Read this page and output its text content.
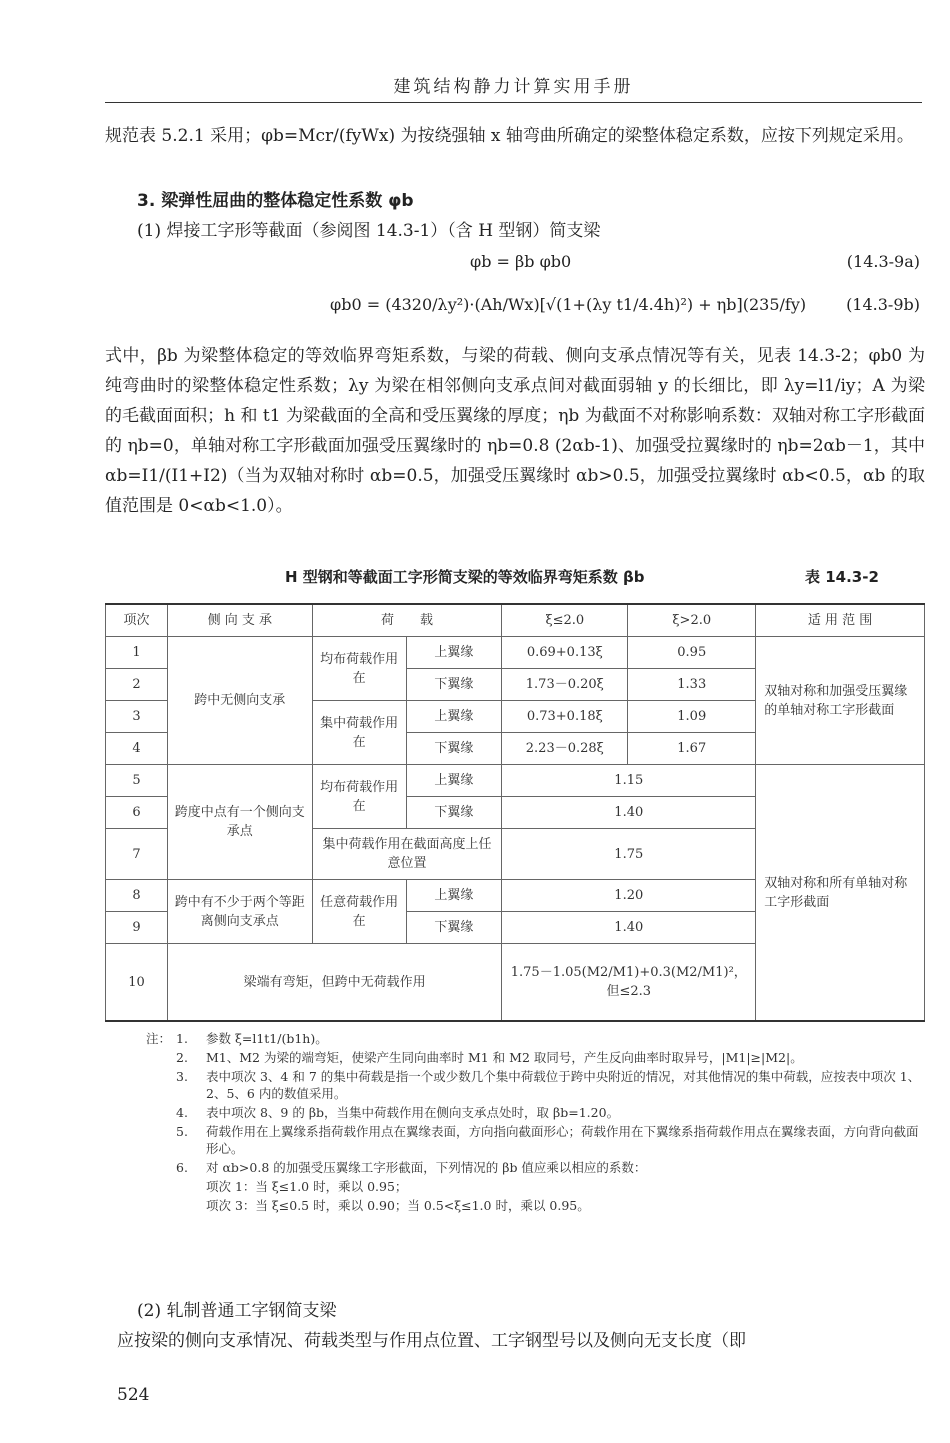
建筑结构静力计算实用手册
规范表 5.2.1 采用；φb=Mcr/(fyWx) 为按绕强轴 x 轴弯曲所确定的梁整体稳定系数，应按下列规定采用。
3. 梁弹性屈曲的整体稳定性系数 φb
(1) 焊接工字形等截面（参阅图 14.3-1）（含 H 型钢）简支梁
φb = βb φb0	(14.3-9a)
φb0 = (4320/λy²)·(Ah/Wx)[√(1+(λy t1/4.4h)²) + ηb](235/fy) (14.3-9b)
式中，βb 为梁整体稳定的等效临界弯矩系数，与梁的荷载、侧向支承点情况等有关，见表 14.3-2；φb0 为纯弯曲时的梁整体稳定性系数；λy 为梁在相邻侧向支承点间对截面弱轴 y 的长细比，即 λy=l1/iy；A 为梁的毛截面面积；h 和 t1 为梁截面的全高和受压翼缘的厚度；ηb 为截面不对称影响系数：双轴对称工字形截面的 ηb=0，单轴对称工字形截面加强受压翼缘时的 ηb=0.8 (2αb-1)、加强受拉翼缘时的 ηb=2αb－1，其中 αb=I1/(I1+I2)（当为双轴对称时 αb=0.5，加强受压翼缘时 αb>0.5，加强受拉翼缘时 αb<0.5，αb 的取值范围是 0<αb<1.0）。
H 型钢和等截面工字形简支梁的等效临界弯矩系数 βb	表 14.3-2
项次	侧 向 支 承	荷　　载		ξ≤2.0	ξ>2.0	适 用 范 围
1	跨中无侧向支承	均布荷载作用在	上翼缘	0.69+0.13ξ	0.95	双轴对称和加强受压翼缘的单轴对称工字形截面
2			下翼缘	1.73－0.20ξ	1.33	
3		集中荷载作用在	上翼缘	0.73+0.18ξ	1.09	
4			下翼缘	2.23－0.28ξ	1.67	
5	跨度中点有一个侧向支承点	均布荷载作用在	上翼缘	1.15		双轴对称和所有单轴对称工字形截面
6			下翼缘	1.40		
7		集中荷载作用在截面高度上任意位置		1.75		
8	跨中有不少于两个等距离侧向支承点	任意荷载作用在	上翼缘	1.20		
9			下翼缘	1.40		
10	梁端有弯矩，但跨中无荷载作用			1.75－1.05(M2/M1)+0.3(M2/M1)²，但≤2.3		
注： 1. 参数 ξ=l1t1/(b1h)。
2. M1、M2 为梁的端弯矩，使梁产生同向曲率时 M1 和 M2 取同号，产生反向曲率时取异号，|M1|≥|M2|。
3. 表中项次 3、4 和 7 的集中荷载是指一个或少数几个集中荷载位于跨中央附近的情况，对其他情况的集中荷载，应按表中项次 1、2、5、6 内的数值采用。
4. 表中项次 8、9 的 βb，当集中荷载作用在侧向支承点处时，取 βb=1.20。
5. 荷载作用在上翼缘系指荷载作用点在翼缘表面，方向指向截面形心；荷载作用在下翼缘系指荷载作用点在翼缘表面，方向背向截面形心。
6. 对 αb>0.8 的加强受压翼缘工字形截面，下列情况的 βb 值应乘以相应的系数：
项次 1：当 ξ≤1.0 时，乘以 0.95；
项次 3：当 ξ≤0.5 时，乘以 0.90；当 0.5<ξ≤1.0 时，乘以 0.95。
(2) 轧制普通工字钢简支梁
应按梁的侧向支承情况、荷载类型与作用点位置、工字钢型号以及侧向无支长度（即
524
